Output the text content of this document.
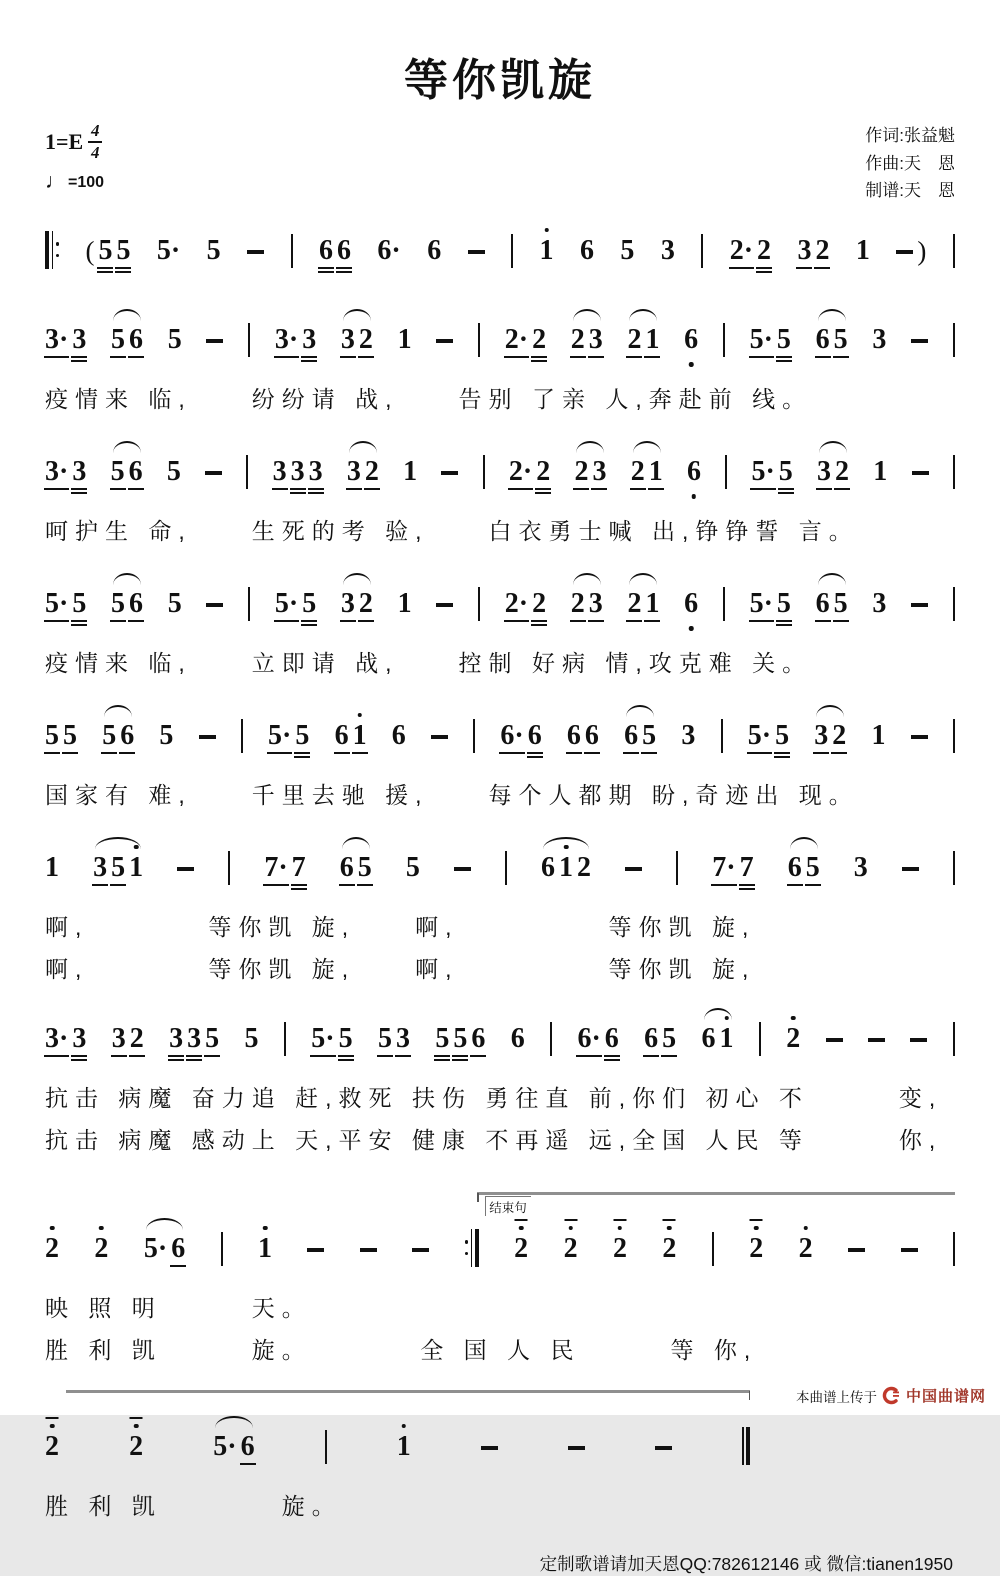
等你凯旋
$1=E \frac{4}{4}$
♩ =100
作词:张益魁
作曲:天　恩
制谱:天　恩
( 5 5 5· 5	6 6 6· 6	1 6 5 3 2· 2 3 2 1 )
3· 3 5 6 5	3· 3 3 2 1	2· 2 2 3 2 1 6 5· 5 6 5 3
疫情来 临,　　纷纷请 战,　　告别 了亲 人,奔赴前 线。
3· 3 5 6 5	3 3 3 3 2 1	2· 2 2 3 2 1 6 5· 5 3 2 1
呵护生 命,　　生死的考 验,　　白衣勇士喊 出,铮铮誓 言。
5· 5 5 6 5	5· 5 3 2 1	2· 2 2 3 2 1 6 5· 5 6 5 3
疫情来 临,　　立即请 战,　　控制 好病 情,攻克难 关。
5 5 5 6 5	5· 5 6 1 6	6· 6 6 6 6 5 3 5· 5 3 2 1
国家有 难,　　千里去驰 援,　　每个人都期 盼,奇迹出 现。
1 3 5 1	7· 7 6 5 5	6 1 2	7· 7 6 5 3
啊,　　　　等你凯 旋,　　啊,　　　　　等你凯 旋,
啊,　　　　等你凯 旋,　　啊,　　　　　等你凯 旋,
3· 3 3 2 3 3 5 5 5· 5 5 3 5 5 6 6 6· 6 6 5 6 1 2
抗击 病魔 奋力追 赶,救死 扶伤 勇往直 前,你们 初心 不　　　变,
抗击 病魔 感动上 天,平安 健康 不再遥 远,全国 人民 等　　　你,
结束句
2 2 5· 6	1	2 2 2 2	2 2
映 照 明　　　天。
胜 利 凯　　　旋。　　　　全 国 人 民　　　等 你,
2	2	5· 6	1
胜 利 凯　　　　旋。
定制歌谱请加天恩QQ:782612146 或 微信:tianen1950
本曲谱上传于 中国曲谱网
